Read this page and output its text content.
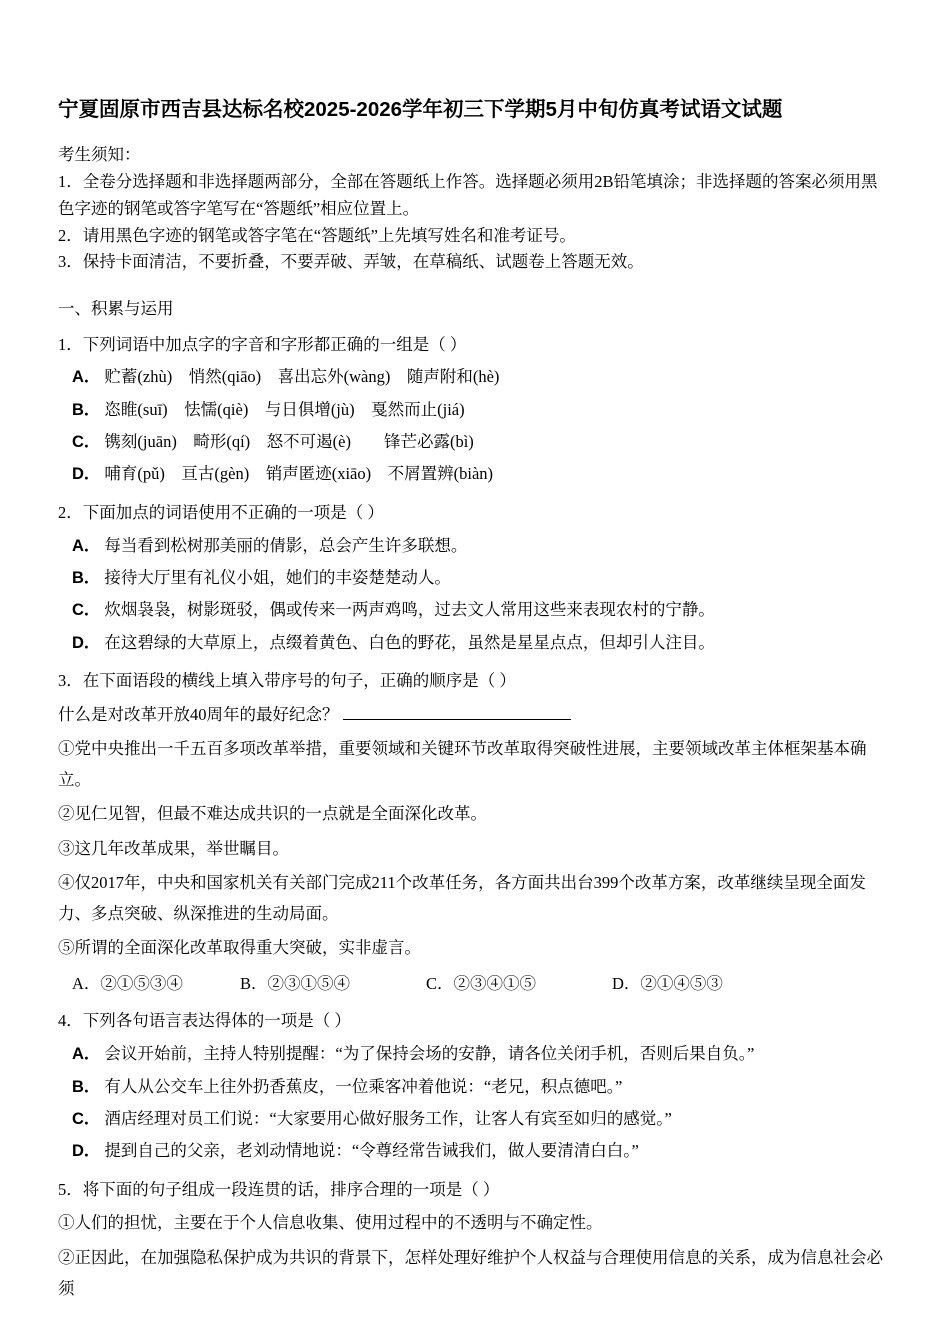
宁夏固原市西吉县达标名校2025-2026学年初三下学期5月中旬仿真考试语文试题

考生须知：

1．全卷分选择题和非选择题两部分，全部在答题纸上作答。选择题必须用2B铅笔填涂；非选择题的答案必须用黑色字迹的钢笔或答字笔写在“答题纸”相应位置上。

2．请用黑色字迹的钢笔或答字笔在“答题纸”上先填写姓名和准考证号。

3．保持卡面清洁，不要折叠，不要弄破、弄皱，在草稿纸、试题卷上答题无效。

一、积累与运用

1．下列词语中加点字的字音和字形都正确的一组是（ ）

A． 贮蓄(zhù)　悄然(qiāo)　喜出忘外(wàng)　随声附和(hè)

B． 恣睢(suī)　怯懦(qiè)　与日俱增(jù)　戛然而止(jiá)

C． 镌刻(juān)　畸形(qí)　怒不可遏(è)　　锋芒必露(bì)

D． 哺育(pǔ)　亘古(gèn)　销声匿迹(xiāo)　不屑置辨(biàn)

2．下面加点的词语使用不正确的一项是（ ）

A． 每当看到松树那美丽的倩影，总会产生许多联想。

B． 接待大厅里有礼仪小姐，她们的丰姿楚楚动人。

C． 炊烟袅袅，树影斑驳，偶或传来一两声鸡鸣，过去文人常用这些来表现农村的宁静。

D． 在这碧绿的大草原上，点缀着黄色、白色的野花，虽然是星星点点，但却引人注目。

3．在下面语段的横线上填入带序号的句子，正确的顺序是（ ）

什么是对改革开放40周年的最好纪念？

①党中央推出一千五百多项改革举措，重要领域和关键环节改革取得突破性进展，主要领域改革主体框架基本确立。

②见仁见智，但最不难达成共识的一点就是全面深化改革。

③这几年改革成果，举世瞩目。

④仅2017年，中央和国家机关有关部门完成211个改革任务，各方面共出台399个改革方案，改革继续呈现全面发力、多点突破、纵深推进的生动局面。

⑤所谓的全面深化改革取得重大突破，实非虚言。

A．②①⑤③④	B．②③①⑤④	C．②③④①⑤	D．②①④⑤③

4．下列各句语言表达得体的一项是（ ）

A． 会议开始前，主持人特别提醒：“为了保持会场的安静，请各位关闭手机，否则后果自负。”

B． 有人从公交车上往外扔香蕉皮，一位乘客冲着他说：“老兄，积点德吧。”

C． 酒店经理对员工们说：“大家要用心做好服务工作，让客人有宾至如归的感觉。”

D． 提到自己的父亲，老刘动情地说：“令尊经常告诫我们，做人要清清白白。”

5．将下面的句子组成一段连贯的话，排序合理的一项是（ ）

①人们的担忧，主要在于个人信息收集、使用过程中的不透明与不确定性。

②正因此，在加强隐私保护成为共识的背景下，怎样处理好维护个人权益与合理使用信息的关系，成为信息社会必须
